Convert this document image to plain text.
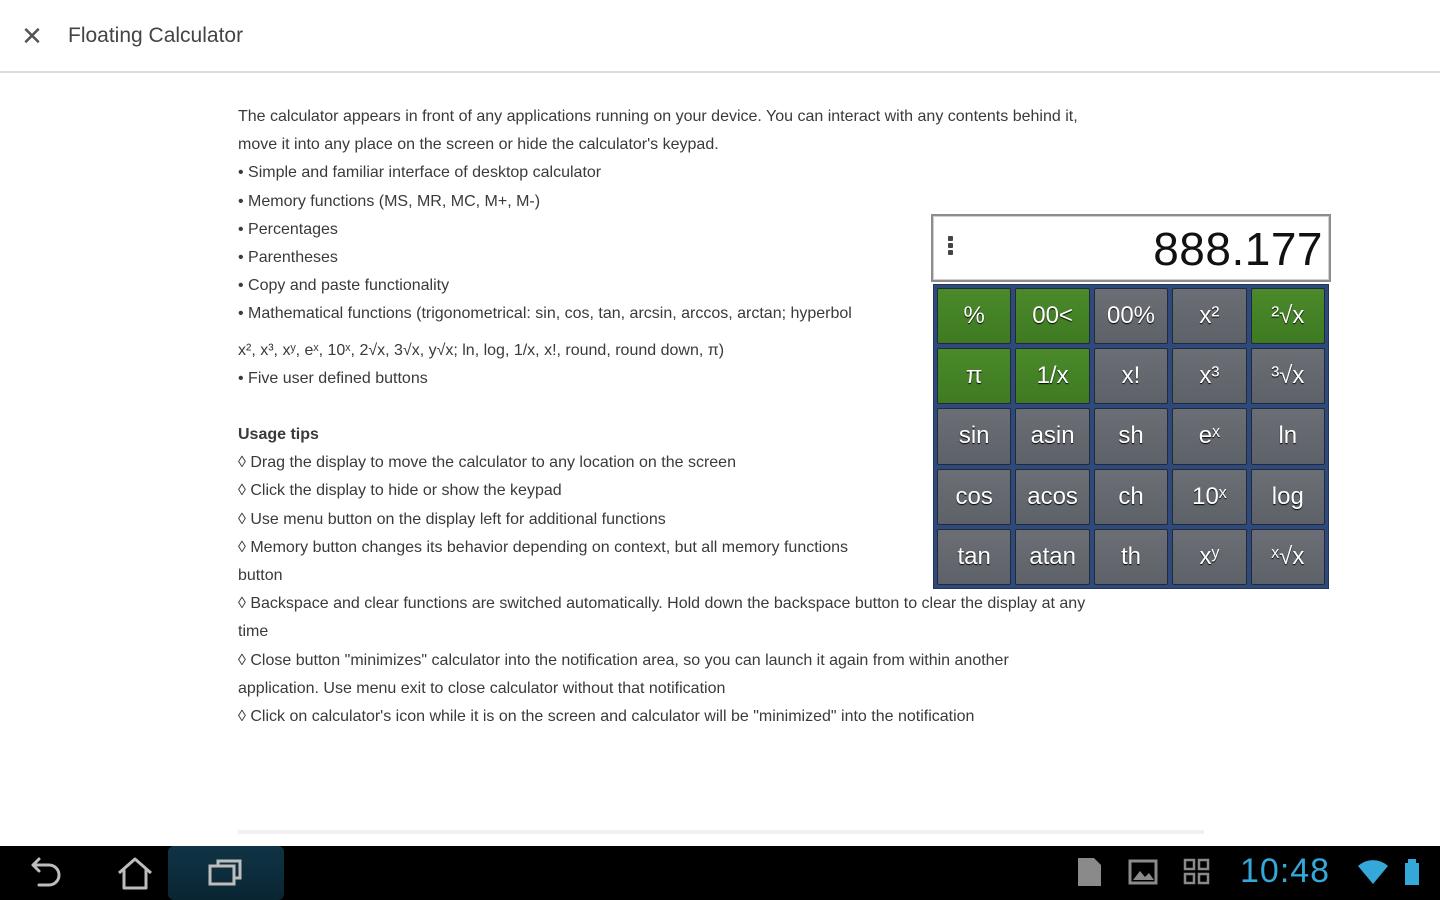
✕ Floating Calculator

The calculator appears in front of any applications running on your device. You can interact with any contents behind it,

move it into any place on the screen or hide the calculator's keypad.

• Simple and familiar interface of desktop calculator

• Memory functions (MS, MR, MC, M+, M-)

• Percentages

• Parentheses

• Copy and paste functionality

• Mathematical functions (trigonometrical: sin, cos, tan, arcsin, arccos, arctan; hyperbol

x², x³, xʸ, eˣ, 10ˣ, 2√x, 3√x, y√x; ln, log, 1/x, x!, round, round down, π)

• Five user defined buttons

Usage tips

◊ Drag the display to move the calculator to any location on the screen

◊ Click the display to hide or show the keypad

◊ Use menu button on the display left for additional functions

◊ Memory button changes its behavior depending on context, but all memory functions

button

◊ Backspace and clear functions are switched automatically. Hold down the backspace button to clear the display at any

time

◊ Close button "minimizes" calculator into the notification area, so you can launch it again from within another

application. Use menu exit to close calculator without that notification

◊ Click on calculator's icon while it is on the screen and calculator will be "minimized" into the notification

888.177
%	00<	00%	x²	²√x
π	1/x	x!	x³	³√x
sin	asin	sh	eˣ	ln
cos	acos	ch	10ˣ	log
tan	atan	th	xʸ	ˣ√x
10:48
